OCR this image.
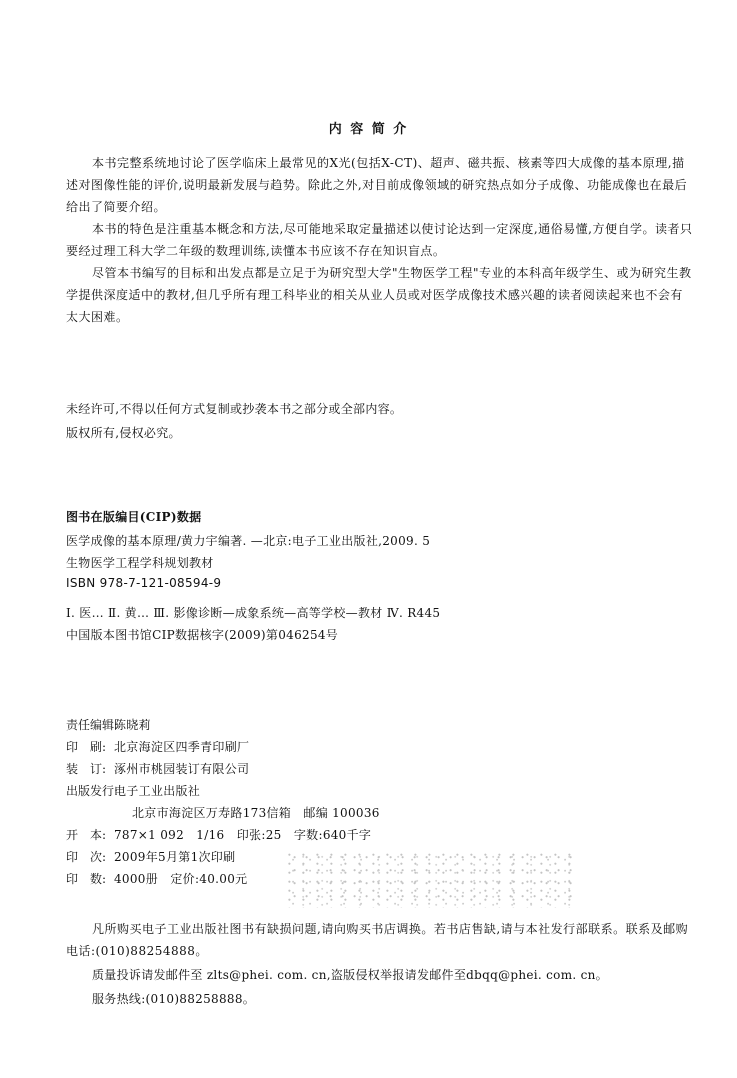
内 容 简 介
本书完整系统地讨论了医学临床上最常见的X光(包括X-CT)、超声、磁共振、核素等四大成像的基本原理,描述对图像性能的评价,说明最新发展与趋势。除此之外,对目前成像领域的研究热点如分子成像、功能成像也在最后给出了简要介绍。
本书的特色是注重基本概念和方法,尽可能地采取定量描述以使讨论达到一定深度,通俗易懂,方便自学。读者只要经过理工科大学二年级的数理训练,读懂本书应该不存在知识盲点。
尽管本书编写的目标和出发点都是立足于为研究型大学"生物医学工程"专业的本科高年级学生、或为研究生教学提供深度适中的教材,但几乎所有理工科毕业的相关从业人员或对医学成像技术感兴趣的读者阅读起来也不会有太大困难。
未经许可,不得以任何方式复制或抄袭本书之部分或全部内容。
版权所有,侵权必究。
图书在版编目(CIP)数据
医学成像的基本原理/黄力宇编著. —北京:电子工业出版社,2009. 5
生物医学工程学科规划教材
ISBN 978-7-121-08594-9
Ⅰ. 医… Ⅱ. 黄… Ⅲ. 影像诊断—成象系统—高等学校—教材 Ⅳ. R445
中国版本图书馆CIP数据核字(2009)第046254号
责任编辑:陈晓莉
印　刷: 北京海淀区四季青印刷厂
装　订: 涿州市桃园装订有限公司
出版发行:电子工业出版社
北京市海淀区万寿路173信箱　邮编 100036
开　本: 787×1 092　1/16　印张:25　字数:640千字
印　次: 2009年5月第1次印刷
印　数: 4000册　定价:40.00元
凡所购买电子工业出版社图书有缺损问题,请向购买书店调换。若书店售缺,请与本社发行部联系。联系及邮购电话:(010)88254888。
质量投诉请发邮件至 zlts@phei. com. cn,盗版侵权举报请发邮件至dbqq@phei. com. cn。
服务热线:(010)88258888。
